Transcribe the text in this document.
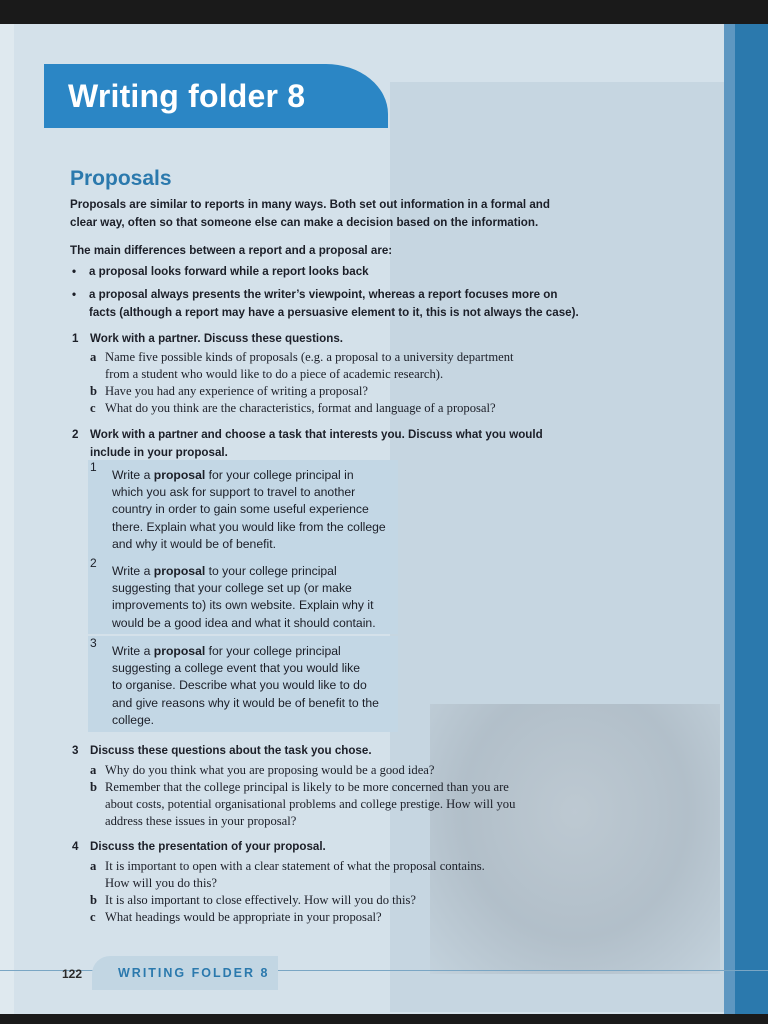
Writing folder 8
Proposals
Proposals are similar to reports in many ways. Both set out information in a formal and
clear way, often so that someone else can make a decision based on the information.
The main differences between a report and a proposal are:
• a proposal looks forward while a report looks back
• a proposal always presents the writer’s viewpoint, whereas a report focuses more on
facts (although a report may have a persuasive element to it, this is not always the case).
1 Work with a partner. Discuss these questions.
a Name five possible kinds of proposals (e.g. a proposal to a university department
from a student who would like to do a piece of academic research).
b Have you had any experience of writing a proposal?
c What do you think are the characteristics, format and language of a proposal?
2 Work with a partner and choose a task that interests you. Discuss what you would
include in your proposal.
1
Write a proposal for your college principal in
which you ask for support to travel to another
country in order to gain some useful experience
there. Explain what you would like from the college
and why it would be of benefit.
2
Write a proposal to your college principal
suggesting that your college set up (or make
improvements to) its own website. Explain why it
would be a good idea and what it should contain.
3
Write a proposal for your college principal
suggesting a college event that you would like
to organise. Describe what you would like to do
and give reasons why it would be of benefit to the
college.
3 Discuss these questions about the task you chose.
a Why do you think what you are proposing would be a good idea?
b Remember that the college principal is likely to be more concerned than you are
about costs, potential organisational problems and college prestige. How will you
address these issues in your proposal?
4 Discuss the presentation of your proposal.
a It is important to open with a clear statement of what the proposal contains.
How will you do this?
b It is also important to close effectively. How will you do this?
c What headings would be appropriate in your proposal?
122	WRITING FOLDER 8
